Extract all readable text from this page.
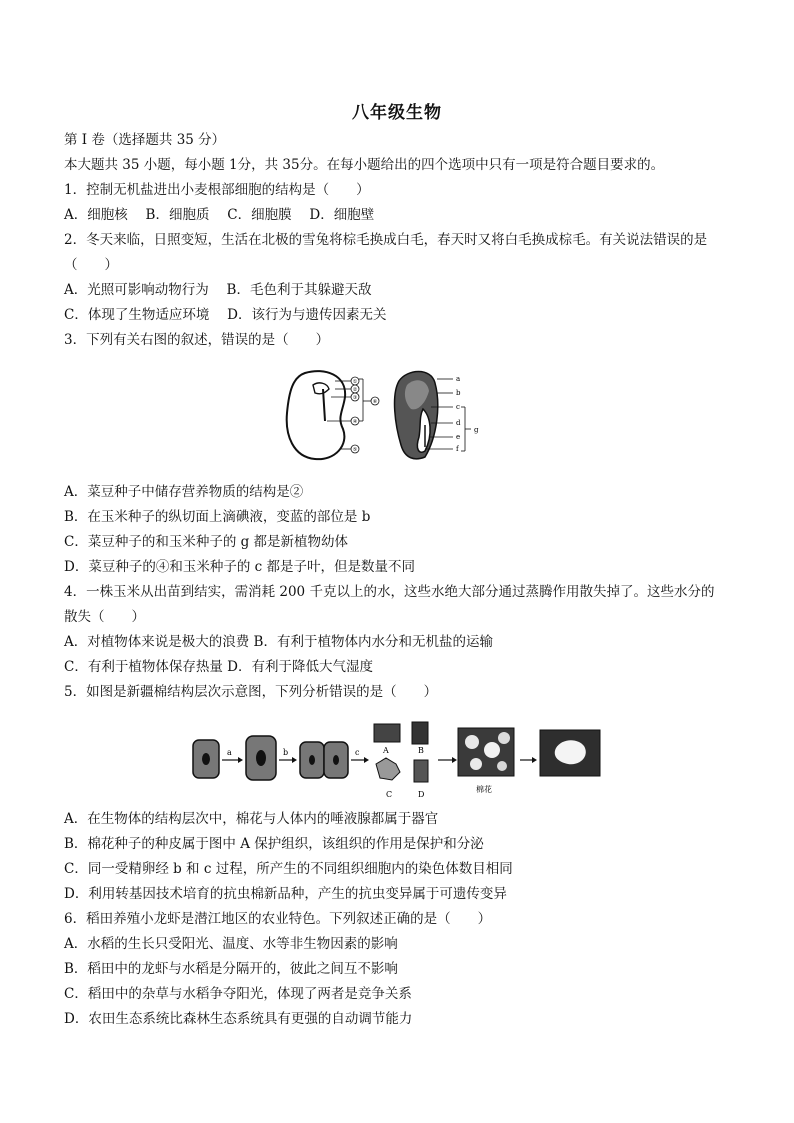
八年级生物
第 I 卷（选择题共 35 分）
本大题共 35 小题，每小题 1分，共 35分。在每小题给出的四个选项中只有一项是符合题目要求的。
1．控制无机盐进出小麦根部细胞的结构是（　　）
A．细胞核　 B．细胞质　 C．细胞膜　 D．细胞壁
2．冬天来临，日照变短，生活在北极的雪兔将棕毛换成白毛，春天时又将白毛换成棕毛。有关说法错误的是
（　　）
A．光照可影响动物行为　 B．毛色利于其躲避天敌
C．体现了生物适应环境　 D．该行为与遗传因素无关
3．下列有关右图的叙述，错误的是（　　）
①
②
③
④
⑤
⑥
a
b
c
d
e
f
g
A．菜豆种子中储存营养物质的结构是②
B．在玉米种子的纵切面上滴碘液，变蓝的部位是 b
C．菜豆种子的和玉米种子的 g 都是新植物幼体
D．菜豆种子的④和玉米种子的 c 都是子叶，但是数量不同
4．一株玉米从出苗到结实，需消耗 200 千克以上的水，这些水绝大部分通过蒸腾作用散失掉了。这些水分的
散失（　　）
A．对植物体来说是极大的浪费 B．有利于植物体内水分和无机盐的运输
C．有利于植物体保存热量 D．有利于降低大气湿度
5．如图是新疆棉结构层次示意图，下列分析错误的是（　　）
a	b	c	A	B
C	D
棉花
A．在生物体的结构层次中，棉花与人体内的唾液腺都属于器官
B．棉花种子的种皮属于图中 A 保护组织，该组织的作用是保护和分泌
C．同一受精卵经 b 和 c 过程，所产生的不同组织细胞内的染色体数目相同
D．利用转基因技术培育的抗虫棉新品种，产生的抗虫变异属于可遗传变异
6．稻田养殖小龙虾是潜江地区的农业特色。下列叙述正确的是（　　）
A．水稻的生长只受阳光、温度、水等非生物因素的影响
B．稻田中的龙虾与水稻是分隔开的，彼此之间互不影响
C．稻田中的杂草与水稻争夺阳光，体现了两者是竞争关系
D．农田生态系统比森林生态系统具有更强的自动调节能力
